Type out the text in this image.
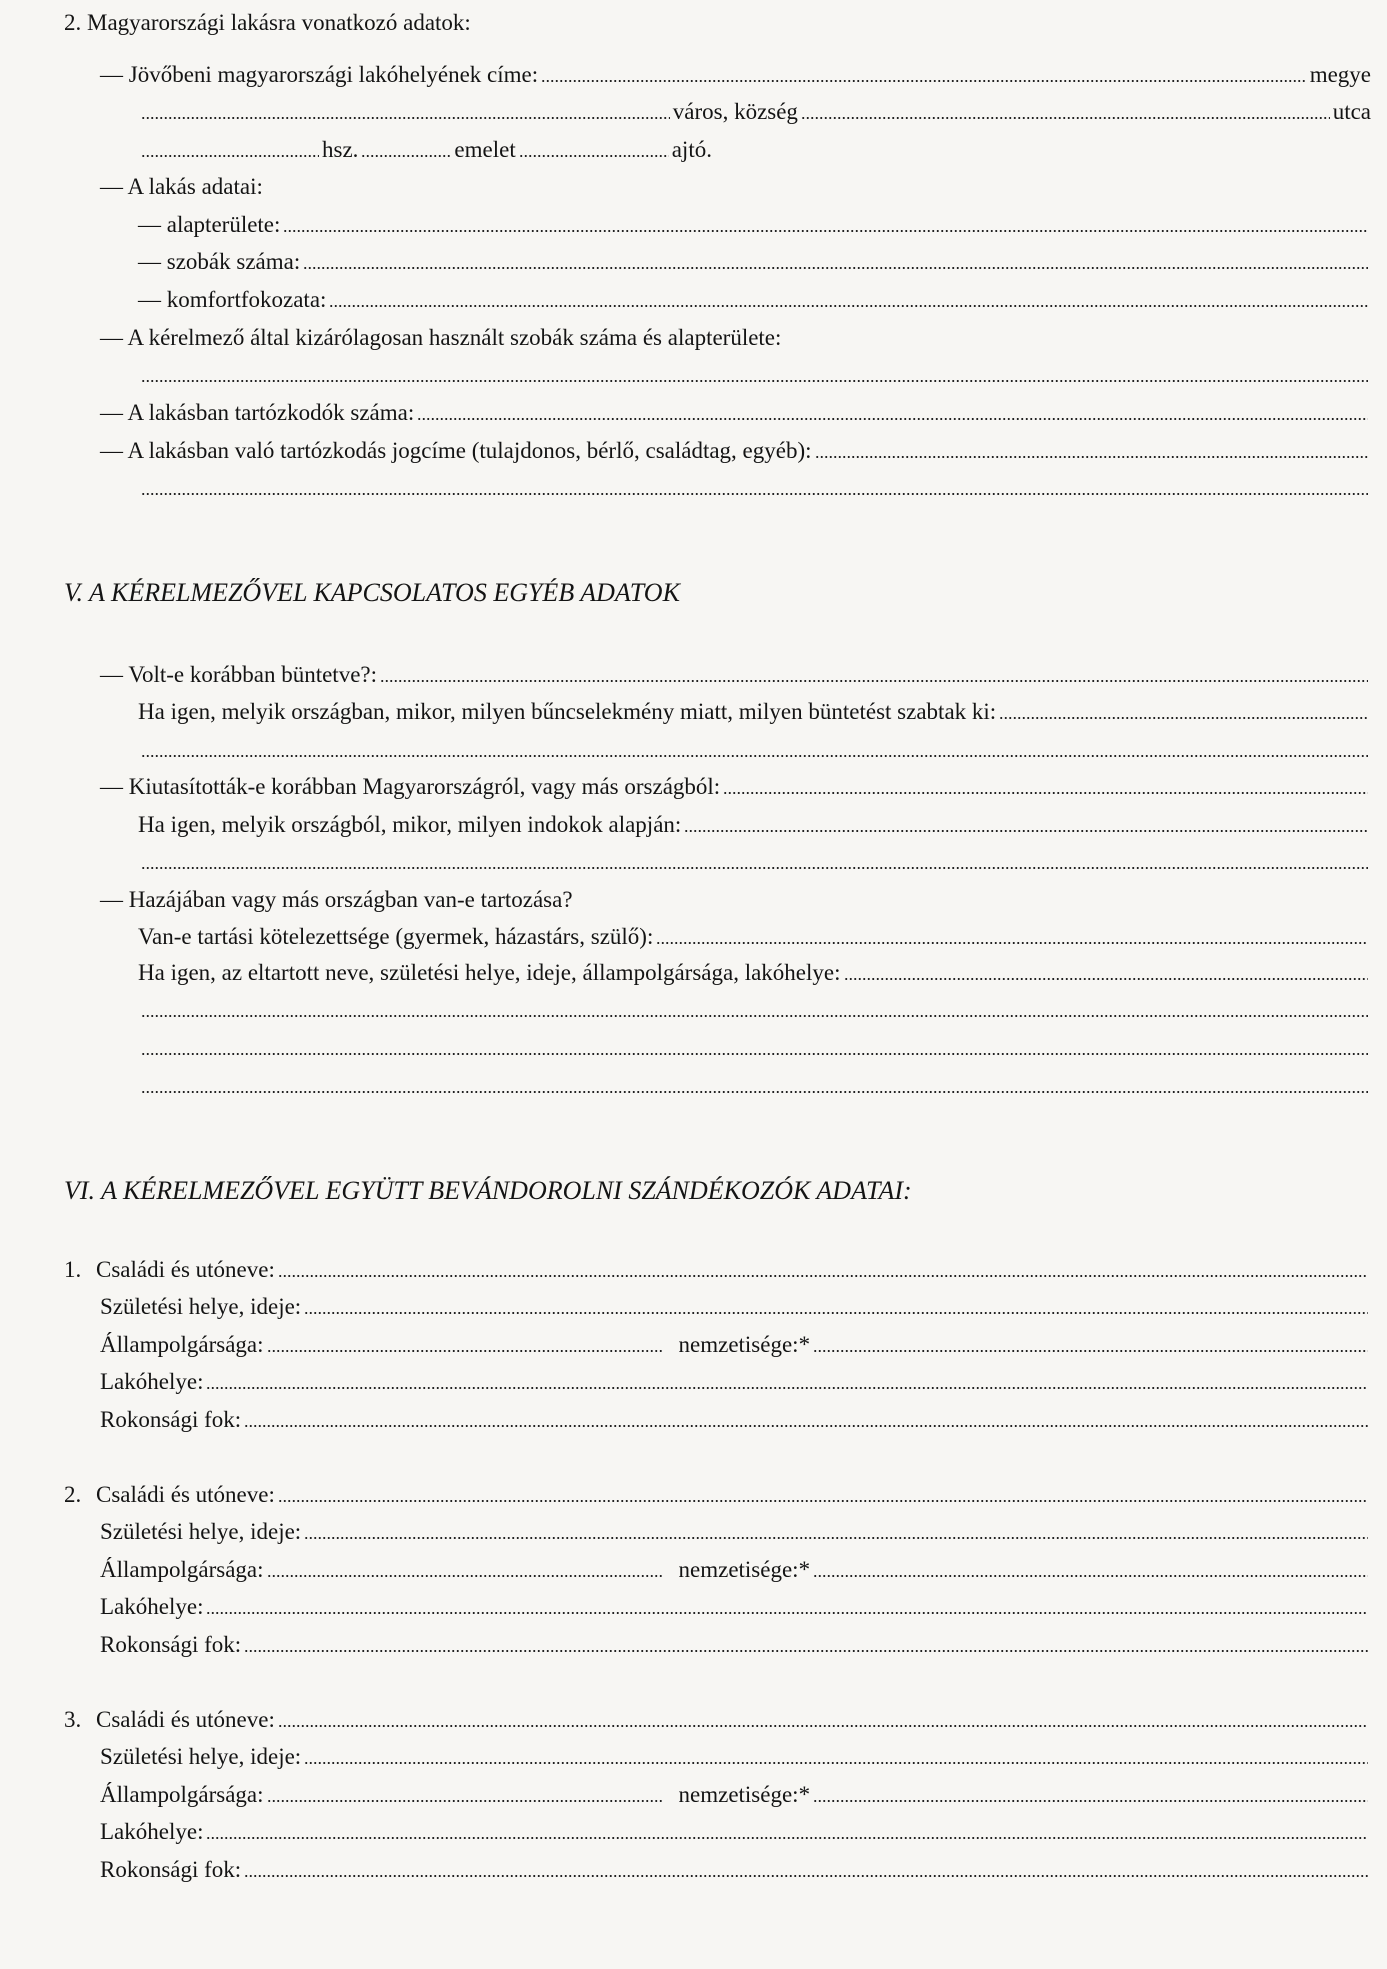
2. Magyarországi lakásra vonatkozó adatok:
— Jövőbeni magyarországi lakóhelyének címe:	megye
város, község	utca
hsz.	emelet	ajtó.
— A lakás adatai:
— alapterülete:
— szobák száma:
— komfortfokozata:
— A kérelmező által kizárólagosan használt szobák száma és alapterülete:
— A lakásban tartózkodók száma:
— A lakásban való tartózkodás jogcíme (tulajdonos, bérlő, családtag, egyéb):
V. A KÉRELMEZŐVEL KAPCSOLATOS EGYÉB ADATOK
— Volt-e korábban büntetve?:
Ha igen, melyik országban, mikor, milyen bűncselekmény miatt, milyen büntetést szabtak ki:
— Kiutasították-e korábban Magyarországról, vagy más országból:
Ha igen, melyik országból, mikor, milyen indokok alapján:
— Hazájában vagy más országban van-e tartozása?
Van-e tartási kötelezettsége (gyermek, házastárs, szülő):
Ha igen, az eltartott neve, születési helye, ideje, állampolgársága, lakóhelye:
VI. A KÉRELMEZŐVEL EGYÜTT BEVÁNDOROLNI SZÁNDÉKOZÓK ADATAI:
1. Családi és utóneve:
Születési helye, ideje:
Állampolgársága:	nemzetisége:*
Lakóhelye:
Rokonsági fok:
2. Családi és utóneve:
Születési helye, ideje:
Állampolgársága:	nemzetisége:*
Lakóhelye:
Rokonsági fok:
3. Családi és utóneve:
Születési helye, ideje:
Állampolgársága:	nemzetisége:*
Lakóhelye:
Rokonsági fok:
